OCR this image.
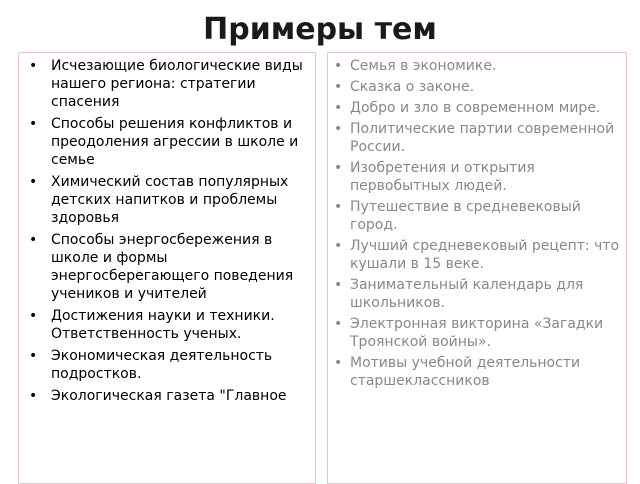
Примеры тем
• Исчезающие биологические виды нашего региона: стратегии спасения
• Способы решения конфликтов и преодоления агрессии в школе и семье
• Химический состав популярных детских напитков и проблемы здоровья
• Способы энергосбережения в школе и формы энергосберегающего поведения учеников и учителей
• Достижения науки и техники. Ответственность ученых.
• Экономическая деятельность подростков.
• Экологическая газета "Главное
• Семья в экономике.
• Сказка о законе.
• Добро и зло в современном мире.
• Политические партии современной России.
• Изобретения и открытия первобытных людей.
• Путешествие в средневековый город.
• Лучший средневековый рецепт: что кушали в 15 веке.
• Занимательный календарь для школьников.
• Электронная викторина «Загадки Троянской войны».
• Мотивы учебной деятельности старшеклассников
